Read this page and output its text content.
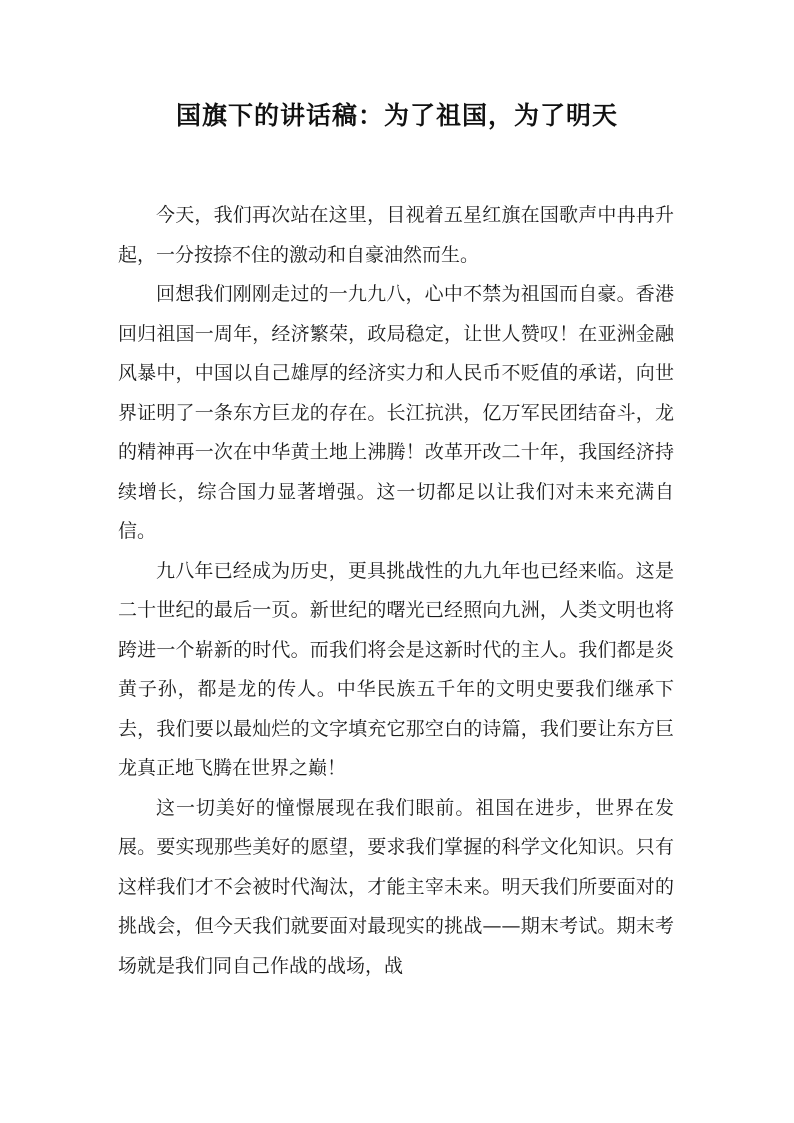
国旗下的讲话稿：为了祖国，为了明天

今天，我们再次站在这里，目视着五星红旗在国歌声中冉冉升起，一分按捺不住的激动和自豪油然而生。

回想我们刚刚走过的一九九八，心中不禁为祖国而自豪。香港回归祖国一周年，经济繁荣，政局稳定，让世人赞叹！在亚洲金融风暴中，中国以自己雄厚的经济实力和人民币不贬值的承诺，向世界证明了一条东方巨龙的存在。长江抗洪，亿万军民团结奋斗，龙的精神再一次在中华黄土地上沸腾！改革开改二十年，我国经济持续增长，综合国力显著增强。这一切都足以让我们对未来充满自信。

九八年已经成为历史，更具挑战性的九九年也已经来临。这是二十世纪的最后一页。新世纪的曙光已经照向九洲，人类文明也将跨进一个崭新的时代。而我们将会是这新时代的主人。我们都是炎黄子孙，都是龙的传人。中华民族五千年的文明史要我们继承下去，我们要以最灿烂的文字填充它那空白的诗篇，我们要让东方巨龙真正地飞腾在世界之巅！

这一切美好的憧憬展现在我们眼前。祖国在进步，世界在发展。要实现那些美好的愿望，要求我们掌握的科学文化知识。只有这样我们才不会被时代淘汰，才能主宰未来。明天我们所要面对的挑战会，但今天我们就要面对最现实的挑战——期末考试。期末考场就是我们同自己作战的战场，战
